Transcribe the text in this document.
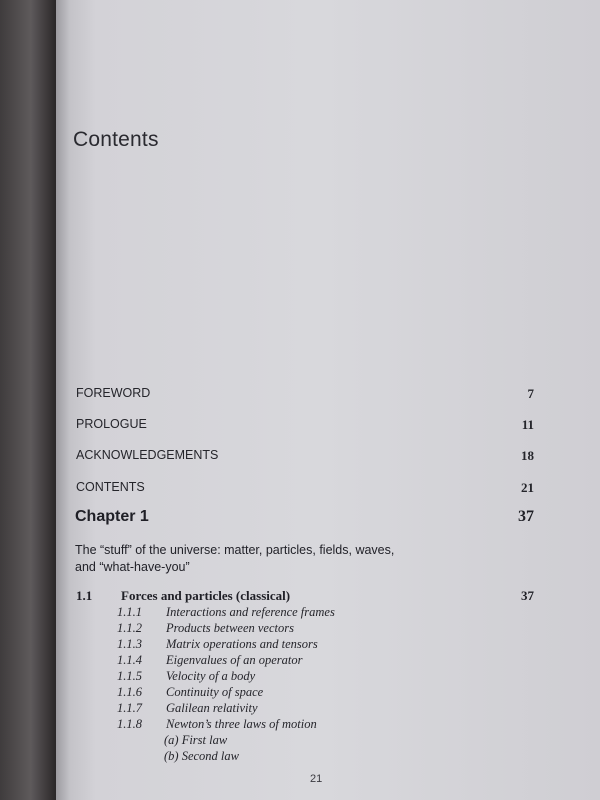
Contents
FOREWORD	7
PROLOGUE	11
ACKNOWLEDGEMENTS	18
CONTENTS	21
Chapter 1	37
The “stuff” of the universe: matter, particles, fields, waves,
and “what-have-you”
1.1 Forces and particles (classical)	37
1.1.1 Interactions and reference frames
1.1.2 Products between vectors
1.1.3 Matrix operations and tensors
1.1.4 Eigenvalues of an operator
1.1.5 Velocity of a body
1.1.6 Continuity of space
1.1.7 Galilean relativity
1.1.8 Newton’s three laws of motion
(a) First law
(b) Second law
21
